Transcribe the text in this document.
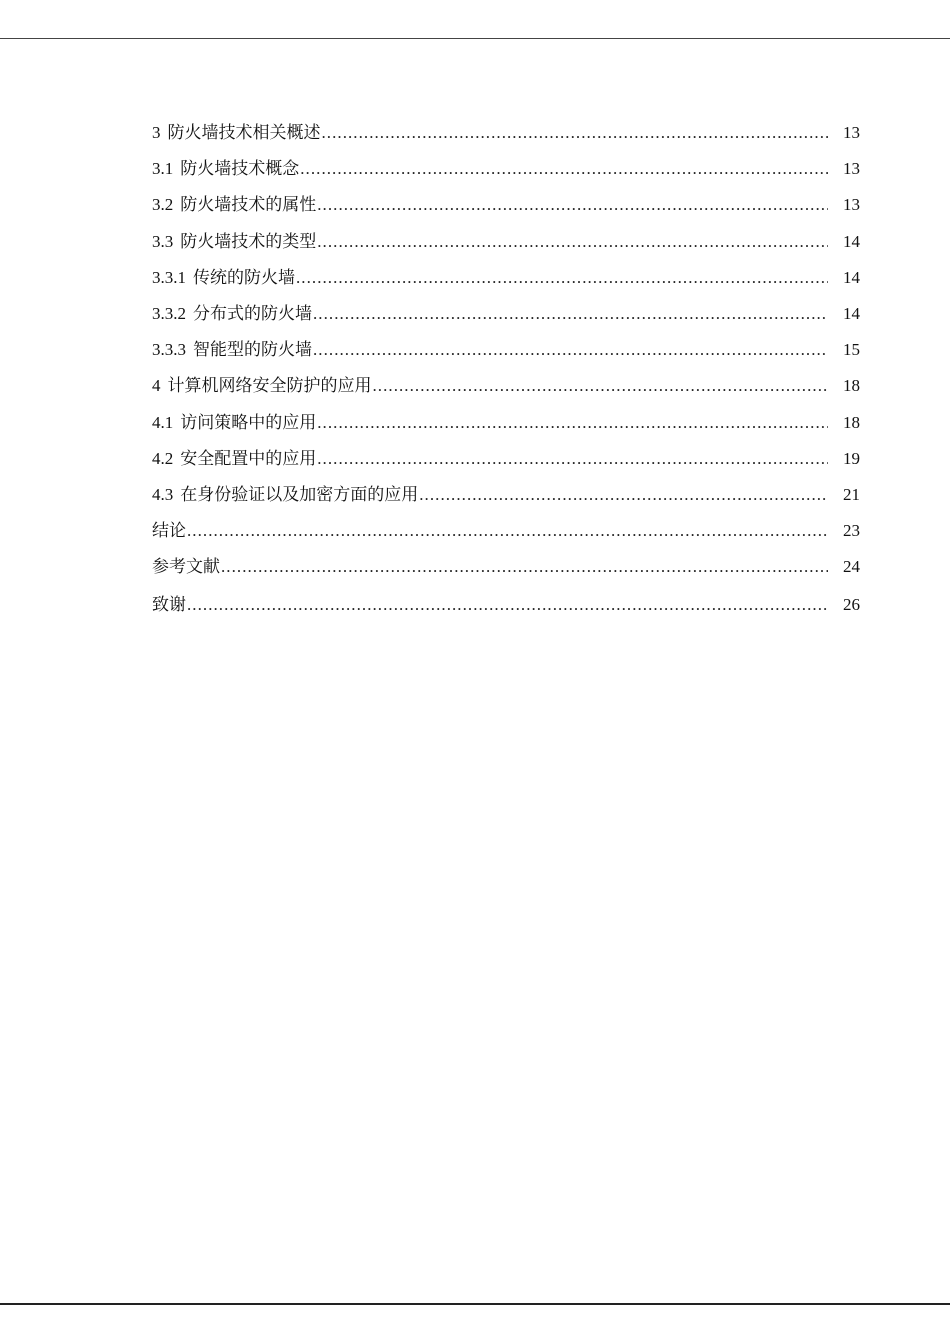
3 防火墙技术相关概述 . . .	13
3.1 防火墙技术概念 . . .	13
3.2 防火墙技术的属性 . . .	13
3.3 防火墙技术的类型 . . .	14
3.3.1 传统的防火墙 . . .	14
3.3.2 分布式的防火墙 . . .	14
3.3.3 智能型的防火墙 . . .	15
4 计算机网络安全防护的应用 . . .	18
4.1 访问策略中的应用 . . .	18
4.2 安全配置中的应用 . . .	19
4.3 在身份验证以及加密方面的应用 . . .	21
结论 . . .	23
参考文献 . . .	24
致谢 . . .	26
